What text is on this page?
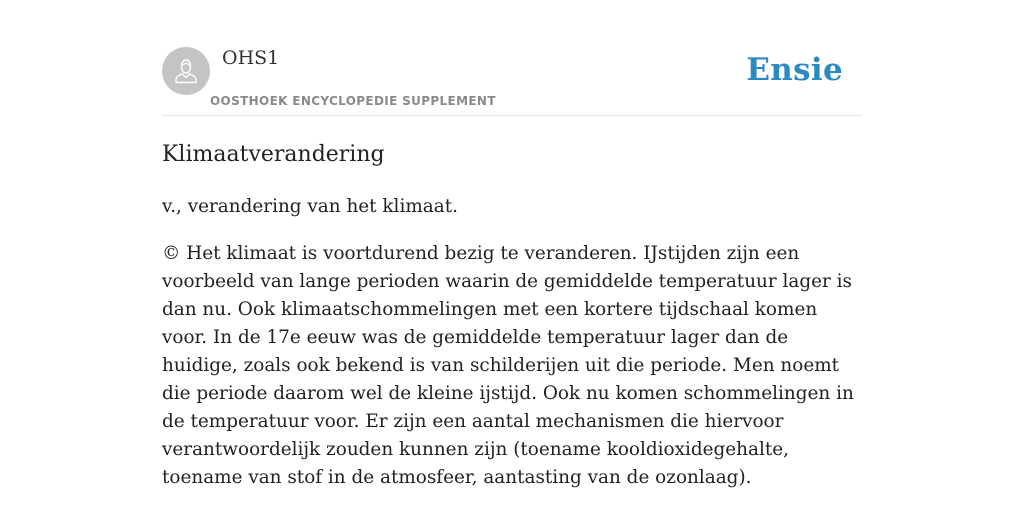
OHS1
OOSTHOEK ENCYCLOPEDIE SUPPLEMENT
Ensie
Klimaatverandering

v., verandering van het klimaat.

© Het klimaat is voortdurend bezig te veranderen. IJstijden zijn een voorbeeld van lange perioden waarin de gemiddelde temperatuur lager is dan nu. Ook klimaatschommelingen met een kortere tijdschaal komen voor. In de 17e eeuw was de gemiddelde temperatuur lager dan de huidige, zoals ook bekend is van schilderijen uit die periode. Men noemt die periode daarom wel de kleine ijstijd. Ook nu komen schommelingen in de temperatuur voor. Er zijn een aantal mechanismen die hiervoor verantwoordelijk zouden kunnen zijn (toename kooldioxidegehalte, toename van stof in de atmosfeer, aantasting van de ozonlaag).
